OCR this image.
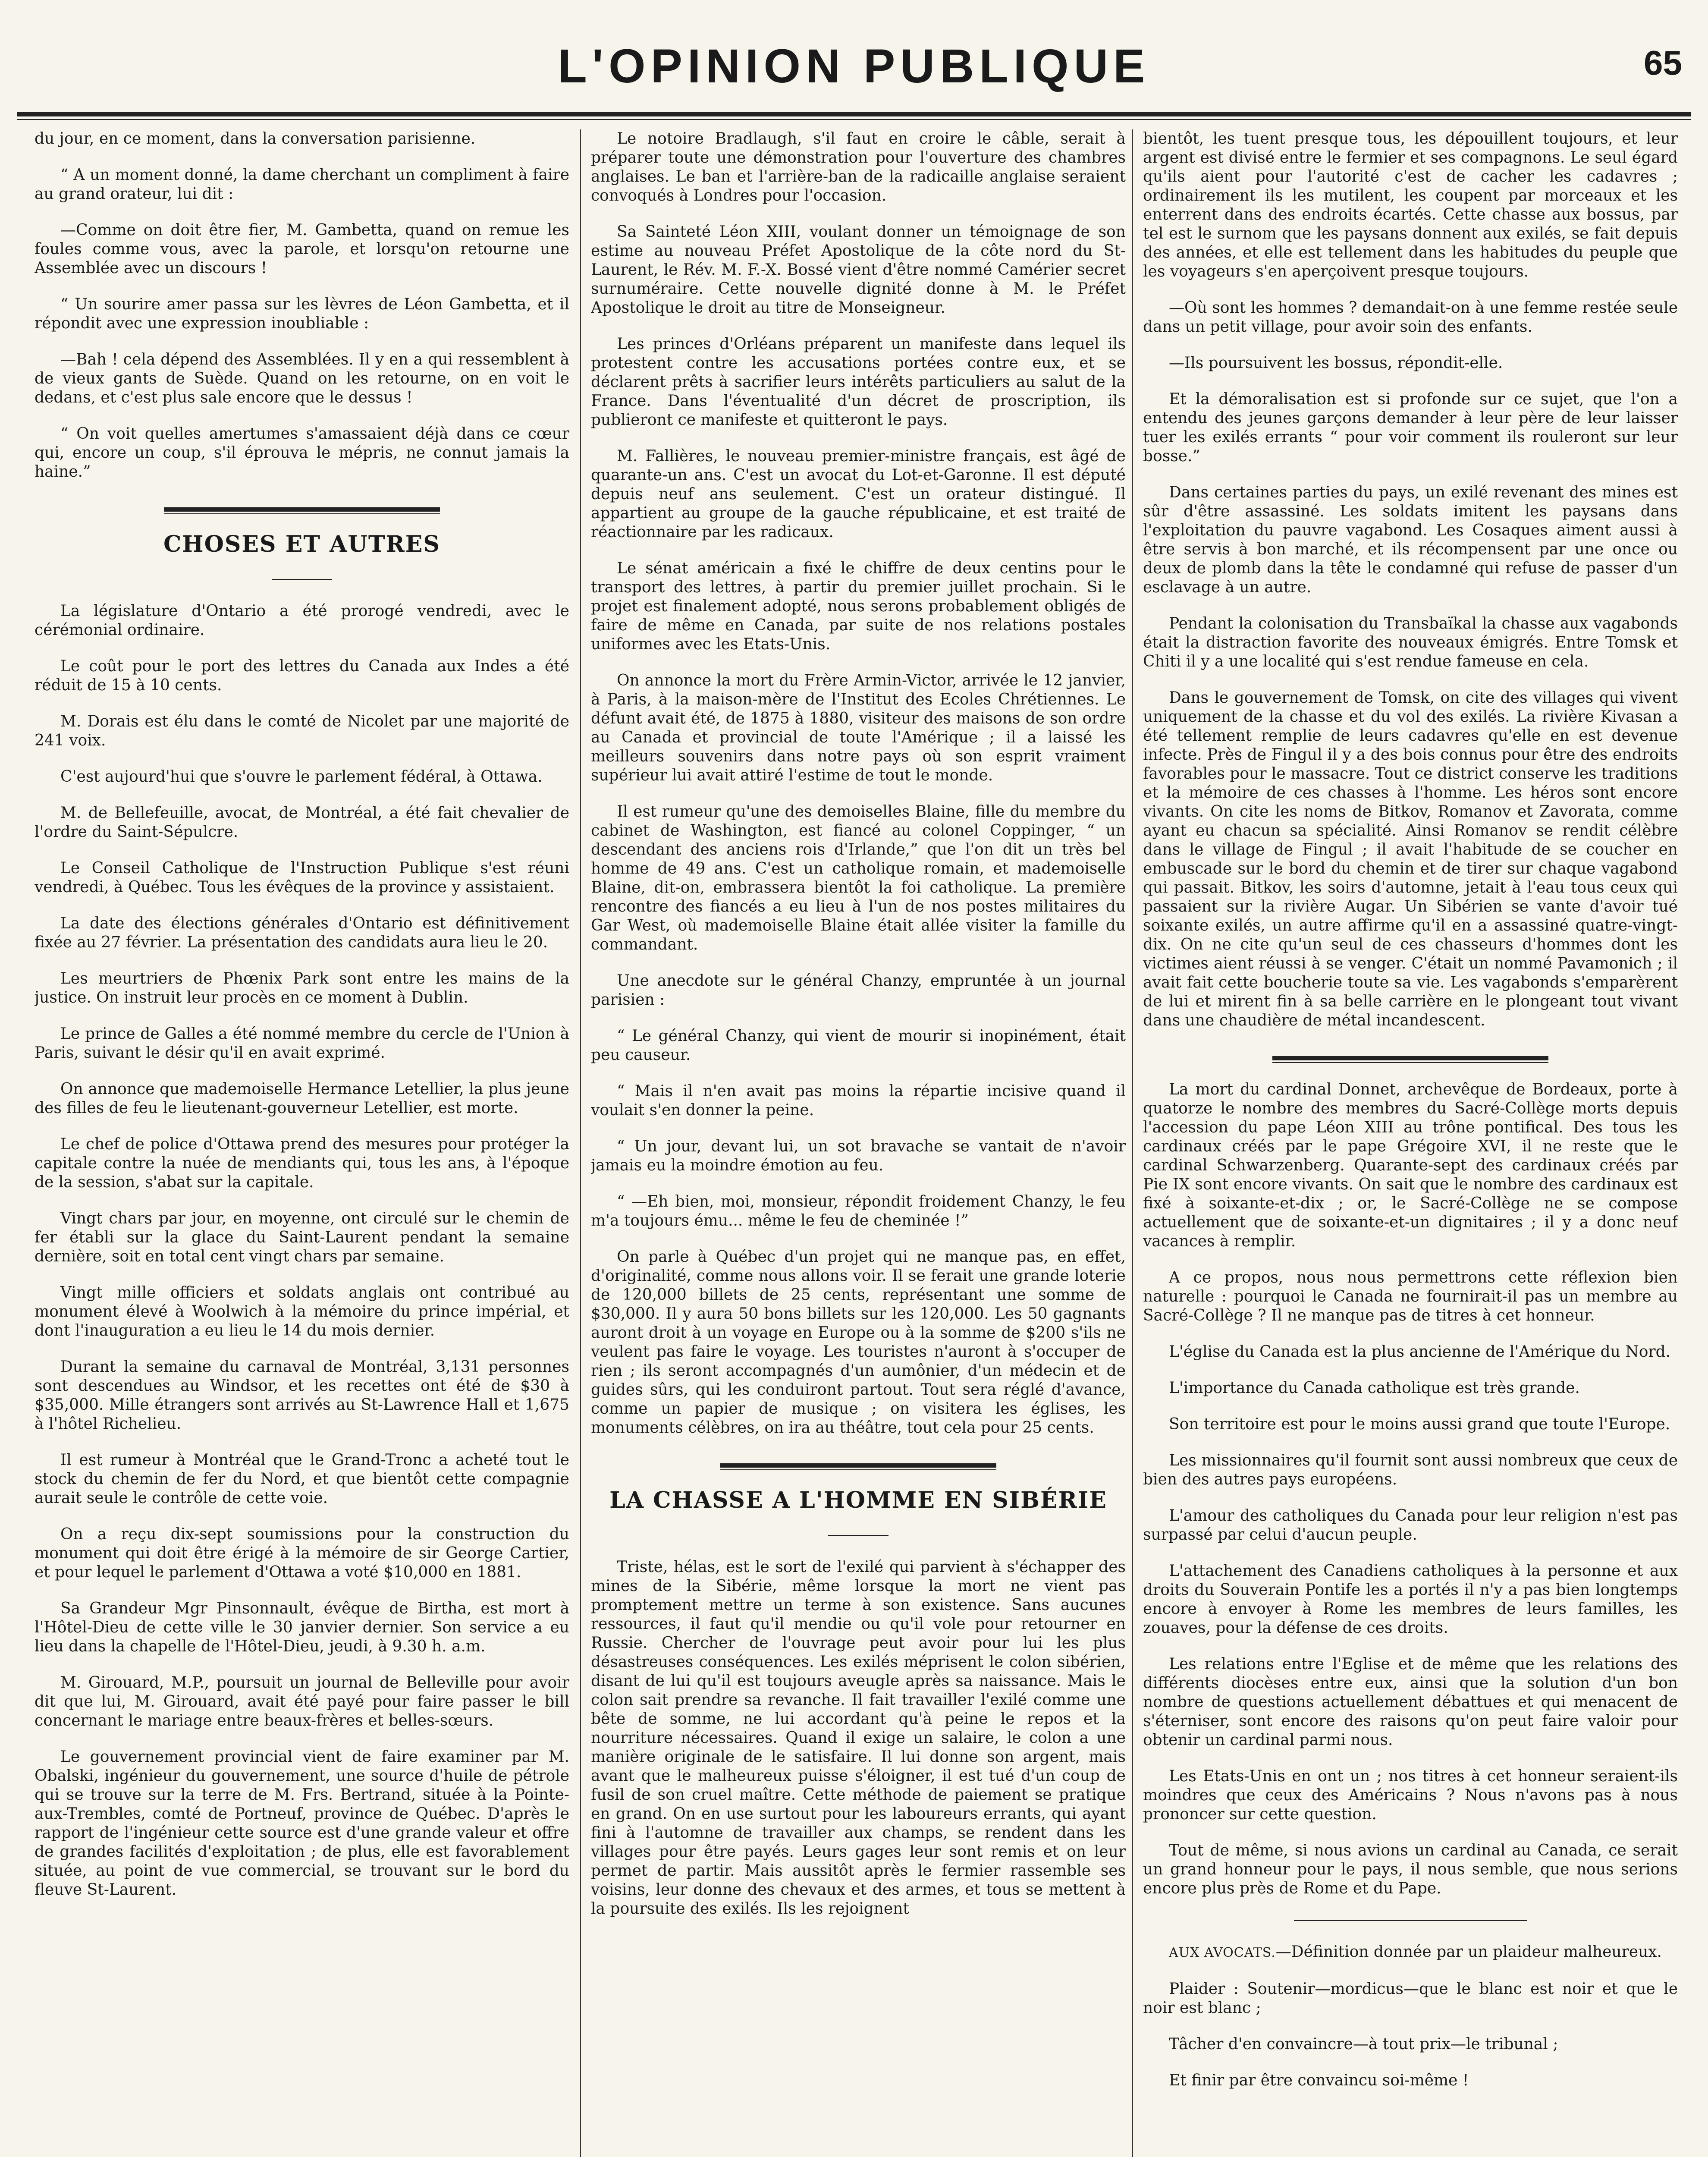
L'OPINION PUBLIQUE	65

du jour, en ce moment, dans la conversation parisienne.

“ A un moment donné, la dame cherchant un compliment à faire au grand orateur, lui dit :

—Comme on doit être fier, M. Gambetta, quand on remue les foules comme vous, avec la parole, et lorsqu'on retourne une Assemblée avec un discours !

“ Un sourire amer passa sur les lèvres de Léon Gambetta, et il répondit avec une expression inoubliable :

—Bah ! cela dépend des Assemblées. Il y en a qui ressemblent à de vieux gants de Suède. Quand on les retourne, on en voit le dedans, et c'est plus sale encore que le dessus !

“ On voit quelles amertumes s'amassaient déjà dans ce cœur qui, encore un coup, s'il éprouva le mépris, ne connut jamais la haine.”

CHOSES ET AUTRES

La législature d'Ontario a été prorogé vendredi, avec le cérémonial ordinaire.

Le coût pour le port des lettres du Canada aux Indes a été réduit de 15 à 10 cents.

M. Dorais est élu dans le comté de Nicolet par une majorité de 241 voix.

C'est aujourd'hui que s'ouvre le parlement fédéral, à Ottawa.

M. de Bellefeuille, avocat, de Montréal, a été fait chevalier de l'ordre du Saint-Sépulcre.

Le Conseil Catholique de l'Instruction Publique s'est réuni vendredi, à Québec. Tous les évêques de la province y assistaient.

La date des élections générales d'Ontario est définitivement fixée au 27 février. La présentation des candidats aura lieu le 20.

Les meurtriers de Phœnix Park sont entre les mains de la justice. On instruit leur procès en ce moment à Dublin.

Le prince de Galles a été nommé membre du cercle de l'Union à Paris, suivant le désir qu'il en avait exprimé.

On annonce que mademoiselle Hermance Letellier, la plus jeune des filles de feu le lieutenant-gouverneur Letellier, est morte.

Le chef de police d'Ottawa prend des mesures pour protéger la capitale contre la nuée de mendiants qui, tous les ans, à l'époque de la session, s'abat sur la capitale.

Vingt chars par jour, en moyenne, ont circulé sur le chemin de fer établi sur la glace du Saint-Laurent pendant la semaine dernière, soit en total cent vingt chars par semaine.

Vingt mille officiers et soldats anglais ont contribué au monument élevé à Woolwich à la mémoire du prince impérial, et dont l'inauguration a eu lieu le 14 du mois dernier.

Durant la semaine du carnaval de Montréal, 3,131 personnes sont descendues au Windsor, et les recettes ont été de $30 à $35,000. Mille étrangers sont arrivés au St-Lawrence Hall et 1,675 à l'hôtel Richelieu.

Il est rumeur à Montréal que le Grand-Tronc a acheté tout le stock du chemin de fer du Nord, et que bientôt cette compagnie aurait seule le contrôle de cette voie.

On a reçu dix-sept soumissions pour la construction du monument qui doit être érigé à la mémoire de sir George Cartier, et pour lequel le parlement d'Ottawa a voté $10,000 en 1881.

Sa Grandeur Mgr Pinsonnault, évêque de Birtha, est mort à l'Hôtel-Dieu de cette ville le 30 janvier dernier. Son service a eu lieu dans la chapelle de l'Hôtel-Dieu, jeudi, à 9.30 h. a.m.

M. Girouard, M.P., poursuit un journal de Belleville pour avoir dit que lui, M. Girouard, avait été payé pour faire passer le bill concernant le mariage entre beaux-frères et belles-sœurs.

Le gouvernement provincial vient de faire examiner par M. Obalski, ingénieur du gouvernement, une source d'huile de pétrole qui se trouve sur la terre de M. Frs. Bertrand, située à la Pointe-aux-Trembles, comté de Portneuf, province de Québec. D'après le rapport de l'ingénieur cette source est d'une grande valeur et offre de grandes facilités d'exploitation ; de plus, elle est favorablement située, au point de vue commercial, se trouvant sur le bord du fleuve St-Laurent.

Le notoire Bradlaugh, s'il faut en croire le câble, serait à préparer toute une démonstration pour l'ouverture des chambres anglaises. Le ban et l'arrière-ban de la radicaille anglaise seraient convoqués à Londres pour l'occasion.

Sa Sainteté Léon XIII, voulant donner un témoignage de son estime au nouveau Préfet Apostolique de la côte nord du St-Laurent, le Rév. M. F.-X. Bossé vient d'être nommé Camérier secret surnuméraire. Cette nouvelle dignité donne à M. le Préfet Apostolique le droit au titre de Monseigneur.

Les princes d'Orléans préparent un manifeste dans lequel ils protestent contre les accusations portées contre eux, et se déclarent prêts à sacrifier leurs intérêts particuliers au salut de la France. Dans l'éventualité d'un décret de proscription, ils publieront ce manifeste et quitteront le pays.

M. Fallières, le nouveau premier-ministre français, est âgé de quarante-un ans. C'est un avocat du Lot-et-Garonne. Il est député depuis neuf ans seulement. C'est un orateur distingué. Il appartient au groupe de la gauche républicaine, et est traité de réactionnaire par les radicaux.

Le sénat américain a fixé le chiffre de deux centins pour le transport des lettres, à partir du premier juillet prochain. Si le projet est finalement adopté, nous serons probablement obligés de faire de même en Canada, par suite de nos relations postales uniformes avec les Etats-Unis.

On annonce la mort du Frère Armin-Victor, arrivée le 12 janvier, à Paris, à la maison-mère de l'Institut des Ecoles Chrétiennes. Le défunt avait été, de 1875 à 1880, visiteur des maisons de son ordre au Canada et provincial de toute l'Amérique ; il a laissé les meilleurs souvenirs dans notre pays où son esprit vraiment supérieur lui avait attiré l'estime de tout le monde.

Il est rumeur qu'une des demoiselles Blaine, fille du membre du cabinet de Washington, est fiancé au colonel Coppinger, “ un descendant des anciens rois d'Irlande,” que l'on dit un très bel homme de 49 ans. C'est un catholique romain, et mademoiselle Blaine, dit-on, embrassera bientôt la foi catholique. La première rencontre des fiancés a eu lieu à l'un de nos postes militaires du Gar West, où mademoiselle Blaine était allée visiter la famille du commandant.

Une anecdote sur le général Chanzy, empruntée à un journal parisien :

“ Le général Chanzy, qui vient de mourir si inopinément, était peu causeur.

“ Mais il n'en avait pas moins la répartie incisive quand il voulait s'en donner la peine.

“ Un jour, devant lui, un sot bravache se vantait de n'avoir jamais eu la moindre émotion au feu.

“ —Eh bien, moi, monsieur, répondit froidement Chanzy, le feu m'a toujours ému... même le feu de cheminée !”

On parle à Québec d'un projet qui ne manque pas, en effet, d'originalité, comme nous allons voir. Il se ferait une grande loterie de 120,000 billets de 25 cents, représentant une somme de $30,000. Il y aura 50 bons billets sur les 120,000. Les 50 gagnants auront droit à un voyage en Europe ou à la somme de $200 s'ils ne veulent pas faire le voyage. Les touristes n'auront à s'occuper de rien ; ils seront accompagnés d'un aumônier, d'un médecin et de guides sûrs, qui les conduiront partout. Tout sera réglé d'avance, comme un papier de musique ; on visitera les églises, les monuments célèbres, on ira au théâtre, tout cela pour 25 cents.

LA CHASSE A L'HOMME EN SIBÉRIE

Triste, hélas, est le sort de l'exilé qui parvient à s'échapper des mines de la Sibérie, même lorsque la mort ne vient pas promptement mettre un terme à son existence. Sans aucunes ressources, il faut qu'il mendie ou qu'il vole pour retourner en Russie. Chercher de l'ouvrage peut avoir pour lui les plus désastreuses conséquences. Les exilés méprisent le colon sibérien, disant de lui qu'il est toujours aveugle après sa naissance. Mais le colon sait prendre sa revanche. Il fait travailler l'exilé comme une bête de somme, ne lui accordant qu'à peine le repos et la nourriture nécessaires. Quand il exige un salaire, le colon a une manière originale de le satisfaire. Il lui donne son argent, mais avant que le malheureux puisse s'éloigner, il est tué d'un coup de fusil de son cruel maître. Cette méthode de paiement se pratique en grand. On en use surtout pour les laboureurs errants, qui ayant fini à l'automne de travailler aux champs, se rendent dans les villages pour être payés. Leurs gages leur sont remis et on leur permet de partir. Mais aussitôt après le fermier rassemble ses voisins, leur donne des chevaux et des armes, et tous se mettent à la poursuite des exilés. Ils les rejoignent

bientôt, les tuent presque tous, les dépouillent toujours, et leur argent est divisé entre le fermier et ses compagnons. Le seul égard qu'ils aient pour l'autorité c'est de cacher les cadavres ; ordinairement ils les mutilent, les coupent par morceaux et les enterrent dans des endroits écartés. Cette chasse aux bossus, par tel est le surnom que les paysans donnent aux exilés, se fait depuis des années, et elle est tellement dans les habitudes du peuple que les voyageurs s'en aperçoivent presque toujours.

—Où sont les hommes ? demandait-on à une femme restée seule dans un petit village, pour avoir soin des enfants.

—Ils poursuivent les bossus, répondit-elle.

Et la démoralisation est si profonde sur ce sujet, que l'on a entendu des jeunes garçons demander à leur père de leur laisser tuer les exilés errants “ pour voir comment ils rouleront sur leur bosse.”

Dans certaines parties du pays, un exilé revenant des mines est sûr d'être assassiné. Les soldats imitent les paysans dans l'exploitation du pauvre vagabond. Les Cosaques aiment aussi à être servis à bon marché, et ils récompensent par une once ou deux de plomb dans la tête le condamné qui refuse de passer d'un esclavage à un autre.

Pendant la colonisation du Transbaïkal la chasse aux vagabonds était la distraction favorite des nouveaux émigrés. Entre Tomsk et Chiti il y a une localité qui s'est rendue fameuse en cela.

Dans le gouvernement de Tomsk, on cite des villages qui vivent uniquement de la chasse et du vol des exilés. La rivière Kivasan a été tellement remplie de leurs cadavres qu'elle en est devenue infecte. Près de Fingul il y a des bois connus pour être des endroits favorables pour le massacre. Tout ce district conserve les traditions et la mémoire de ces chasses à l'homme. Les héros sont encore vivants. On cite les noms de Bitkov, Romanov et Zavorata, comme ayant eu chacun sa spécialité. Ainsi Romanov se rendit célèbre dans le village de Fingul ; il avait l'habitude de se coucher en embuscade sur le bord du chemin et de tirer sur chaque vagabond qui passait. Bitkov, les soirs d'automne, jetait à l'eau tous ceux qui passaient sur la rivière Augar. Un Sibérien se vante d'avoir tué soixante exilés, un autre affirme qu'il en a assassiné quatre-vingt-dix. On ne cite qu'un seul de ces chasseurs d'hommes dont les victimes aient réussi à se venger. C'était un nommé Pavamonich ; il avait fait cette boucherie toute sa vie. Les vagabonds s'emparèrent de lui et mirent fin à sa belle carrière en le plongeant tout vivant dans une chaudière de métal incandescent.

La mort du cardinal Donnet, archevêque de Bordeaux, porte à quatorze le nombre des membres du Sacré-Collège morts depuis l'accession du pape Léon XIII au trône pontifical. Des tous les cardinaux créés par le pape Grégoire XVI, il ne reste que le cardinal Schwarzenberg. Quarante-sept des cardinaux créés par Pie IX sont encore vivants. On sait que le nombre des cardinaux est fixé à soixante-et-dix ; or, le Sacré-Collège ne se compose actuellement que de soixante-et-un dignitaires ; il y a donc neuf vacances à remplir.

A ce propos, nous nous permettrons cette réflexion bien naturelle : pourquoi le Canada ne fournirait-il pas un membre au Sacré-Collège ? Il ne manque pas de titres à cet honneur.

L'église du Canada est la plus ancienne de l'Amérique du Nord.

L'importance du Canada catholique est très grande.

Son territoire est pour le moins aussi grand que toute l'Europe.

Les missionnaires qu'il fournit sont aussi nombreux que ceux de bien des autres pays européens.

L'amour des catholiques du Canada pour leur religion n'est pas surpassé par celui d'aucun peuple.

L'attachement des Canadiens catholiques à la personne et aux droits du Souverain Pontife les a portés il n'y a pas bien longtemps encore à envoyer à Rome les membres de leurs familles, les zouaves, pour la défense de ces droits.

Les relations entre l'Eglise et de même que les relations des différents diocèses entre eux, ainsi que la solution d'un bon nombre de questions actuellement débattues et qui menacent de s'éterniser, sont encore des raisons qu'on peut faire valoir pour obtenir un cardinal parmi nous.

Les Etats-Unis en ont un ; nos titres à cet honneur seraient-ils moindres que ceux des Américains ? Nous n'avons pas à nous prononcer sur cette question.

Tout de même, si nous avions un cardinal au Canada, ce serait un grand honneur pour le pays, il nous semble, que nous serions encore plus près de Rome et du Pape.

AUX AVOCATS.—Définition donnée par un plaideur malheureux.

Plaider : Soutenir—mordicus—que le blanc est noir et que le noir est blanc ;

Tâcher d'en convaincre—à tout prix—le tribunal ;

Et finir par être convaincu soi-même !
